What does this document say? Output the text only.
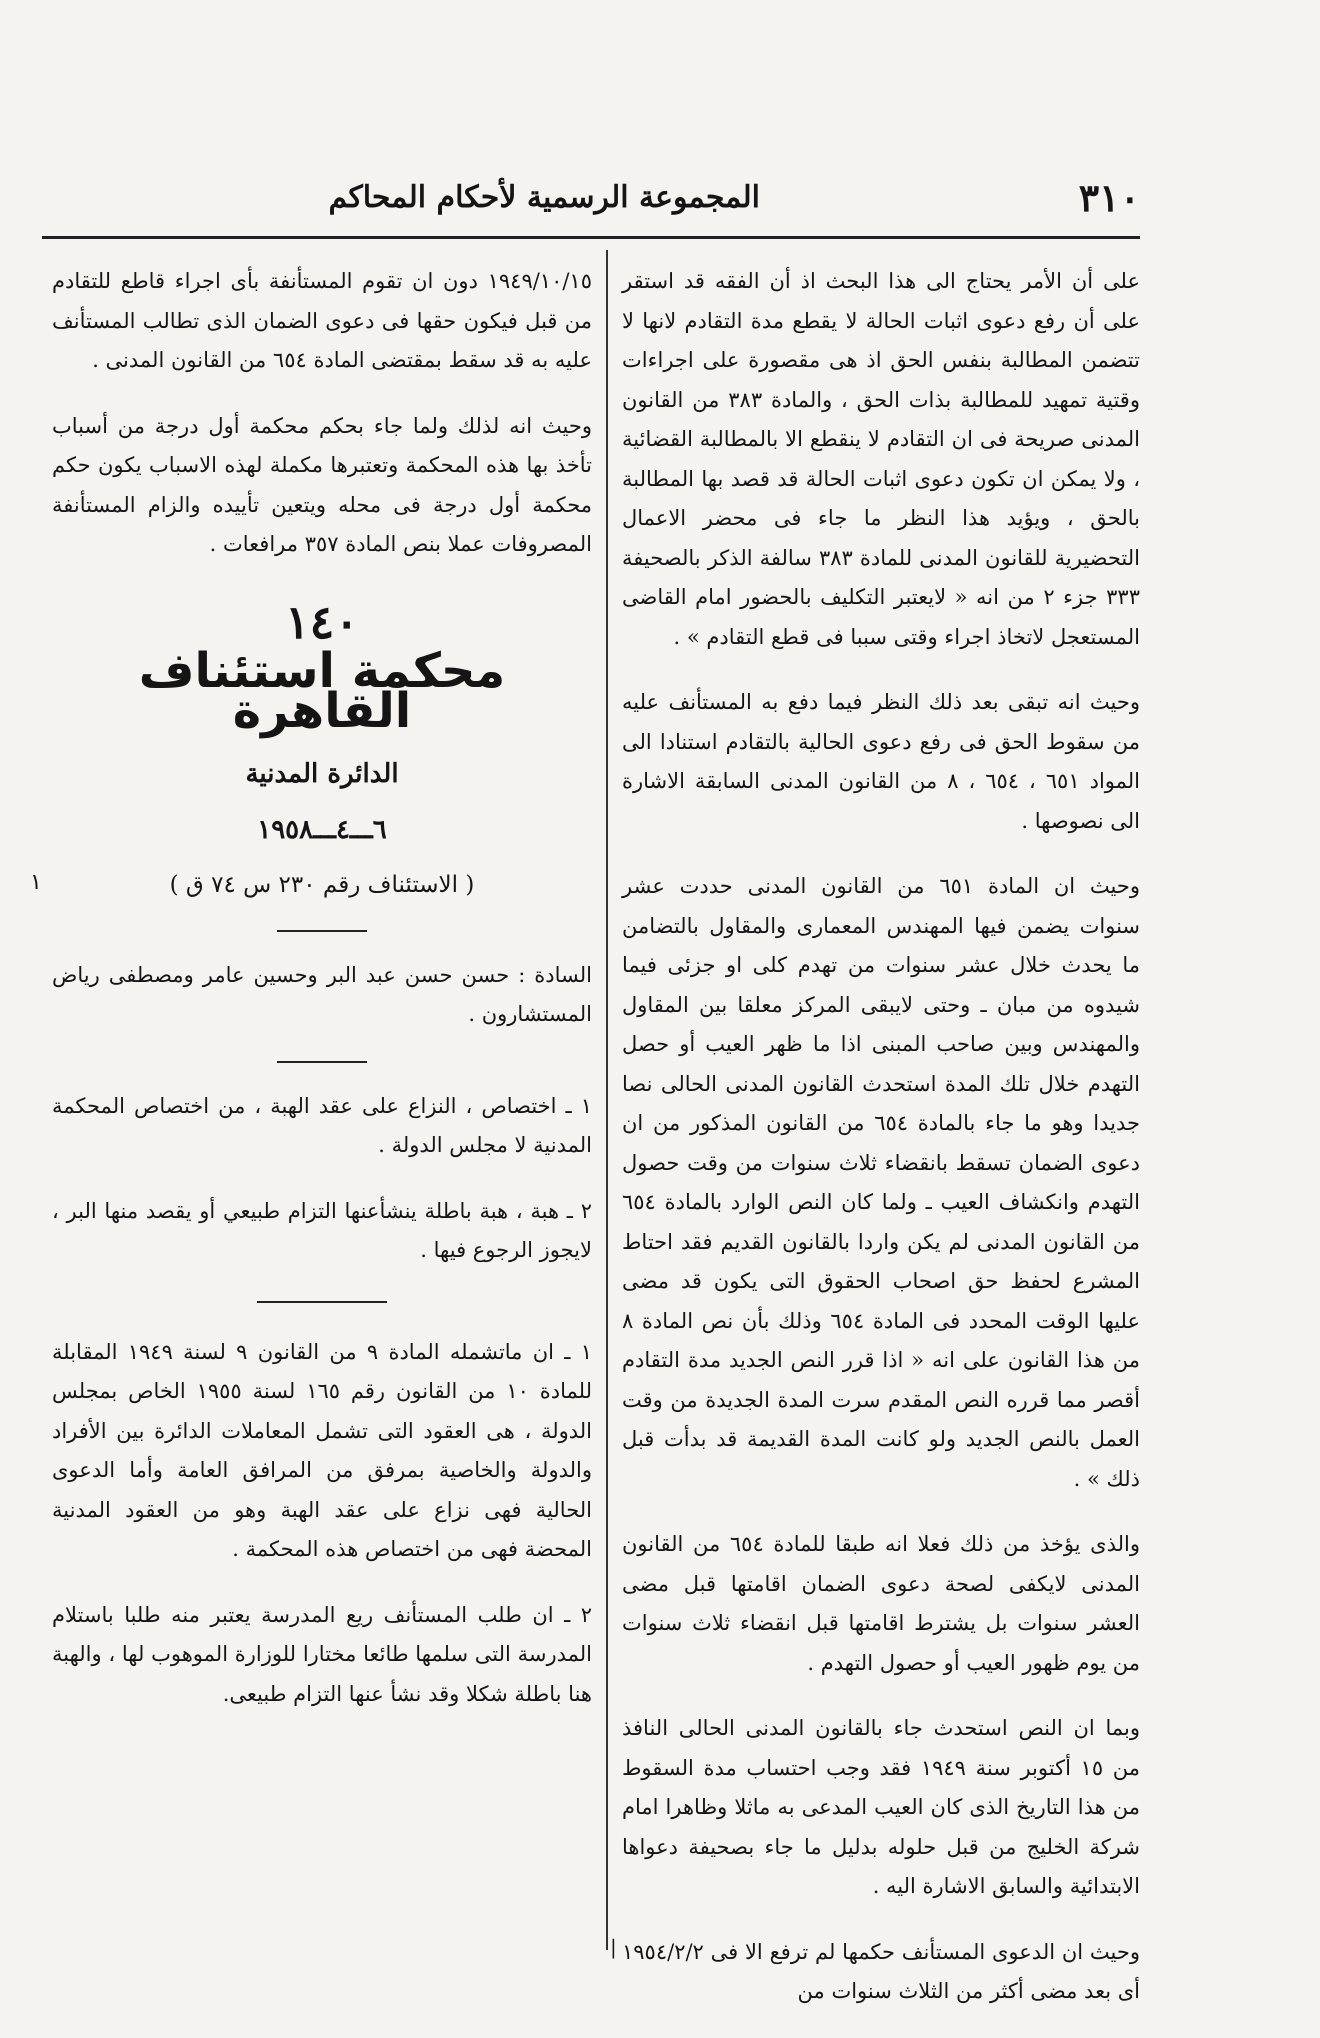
٣١٠
المجموعة الرسمية لأحكام المحاكم

على أن الأمر يحتاج الى هذا البحث اذ أن الفقه قد استقر على أن رفع دعوى اثبات الحالة لا يقطع مدة التقادم لانها لا تتضمن المطالبة بنفس الحق اذ هى مقصورة على اجراءات وقتية تمهيد للمطالبة بذات الحق ، والمادة ٣٨٣ من القانون المدنى صريحة فى ان التقادم لا ينقطع الا بالمطالبة القضائية ، ولا يمكن ان تكون دعوى اثبات الحالة قد قصد بها المطالبة بالحق ، ويؤيد هذا النظر ما جاء فى محضر الاعمال التحضيرية للقانون المدنى للمادة ٣٨٣ سالفة الذكر بالصحيفة ٣٣٣ جزء ٢ من انه « لايعتبر التكليف بالحضور امام القاضى المستعجل لاتخاذ اجراء وقتى سببا فى قطع التقادم » .

وحيث انه تبقى بعد ذلك النظر فيما دفع به المستأنف عليه من سقوط الحق فى رفع دعوى الحالية بالتقادم استنادا الى المواد ٦٥١ ، ٦٥٤ ، ٨ من القانون المدنى السابقة الاشارة الى نصوصها .

وحيث ان المادة ٦٥١ من القانون المدنى حددت عشر سنوات يضمن فيها المهندس المعمارى والمقاول بالتضامن ما يحدث خلال عشر سنوات من تهدم كلى او جزئى فيما شيدوه من مبان ـ وحتى لايبقى المركز معلقا بين المقاول والمهندس وبين صاحب المبنى اذا ما ظهر العيب أو حصل التهدم خلال تلك المدة استحدث القانون المدنى الحالى نصا جديدا وهو ما جاء بالمادة ٦٥٤ من القانون المذكور من ان دعوى الضمان تسقط بانقضاء ثلاث سنوات من وقت حصول التهدم وانكشاف العيب ـ ولما كان النص الوارد بالمادة ٦٥٤ من القانون المدنى لم يكن واردا بالقانون القديم فقد احتاط المشرع لحفظ حق اصحاب الحقوق التى يكون قد مضى عليها الوقت المحدد فى المادة ٦٥٤ وذلك بأن نص المادة ٨ من هذا القانون على انه « اذا قرر النص الجديد مدة التقادم أقصر مما قرره النص المقدم سرت المدة الجديدة من وقت العمل بالنص الجديد ولو كانت المدة القديمة قد بدأت قبل ذلك » .

والذى يؤخذ من ذلك فعلا انه طبقا للمادة ٦٥٤ من القانون المدنى لايكفى لصحة دعوى الضمان اقامتها قبل مضى العشر سنوات بل يشترط اقامتها قبل انقضاء ثلاث سنوات من يوم ظهور العيب أو حصول التهدم .

وبما ان النص استحدث جاء بالقانون المدنى الحالى النافذ من ١٥ أكتوبر سنة ١٩٤٩ فقد وجب احتساب مدة السقوط من هذا التاريخ الذى كان العيب المدعى به ماثلا وظاهرا امام شركة الخليج من قبل حلوله بدليل ما جاء بصحيفة دعواها الابتدائية والسابق الاشارة اليه .

وحيث ان الدعوى المستأنف حكمها لم ترفع الا فى ١٩٥٤/٢/٢ أى بعد مضى أكثر من الثلاث سنوات من

١٩٤٩/١٠/١٥ دون ان تقوم المستأنفة بأى اجراء قاطع للتقادم من قبل فيكون حقها فى دعوى الضمان الذى تطالب المستأنف عليه به قد سقط بمقتضى المادة ٦٥٤ من القانون المدنى .

وحيث انه لذلك ولما جاء بحكم محكمة أول درجة من أسباب تأخذ بها هذه المحكمة وتعتبرها مكملة لهذه الاسباب يكون حكم محكمة أول درجة فى محله ويتعين تأييده والزام المستأنفة المصروفات عملا بنص المادة ٣٥٧ مرافعات .

١٤٠
محكمة استئناف القاهرة
الدائرة المدنية
٦ـــ٤ـــ١٩٥٨
( الاستئناف رقم ٢٣٠ س ٧٤ ق )

السادة : حسن حسن عبد البر وحسين عامر ومصطفى رياض المستشارون .

١ ـ اختصاص ، النزاع على عقد الهبة ، من اختصاص المحكمة المدنية لا مجلس الدولة .

٢ ـ هبة ، هبة باطلة ينشأعنها التزام طبيعي أو يقصد منها البر ، لايجوز الرجوع فيها .

١ ـ ان ماتشمله المادة ٩ من القانون ٩ لسنة ١٩٤٩ المقابلة للمادة ١٠ من القانون رقم ١٦٥ لسنة ١٩٥٥ الخاص بمجلس الدولة ، هى العقود التى تشمل المعاملات الدائرة بين الأفراد والدولة والخاصية بمرفق من المرافق العامة وأما الدعوى الحالية فهى نزاع على عقد الهبة وهو من العقود المدنية المحضة فهى من اختصاص هذه المحكمة .

٢ ـ ان طلب المستأنف ريع المدرسة يعتبر منه طلبا باستلام المدرسة التى سلمها طائعا مختارا للوزارة الموهوب لها ، والهبة هنا باطلة شكلا وقد نشأ عنها التزام طبيعى.

١
|
